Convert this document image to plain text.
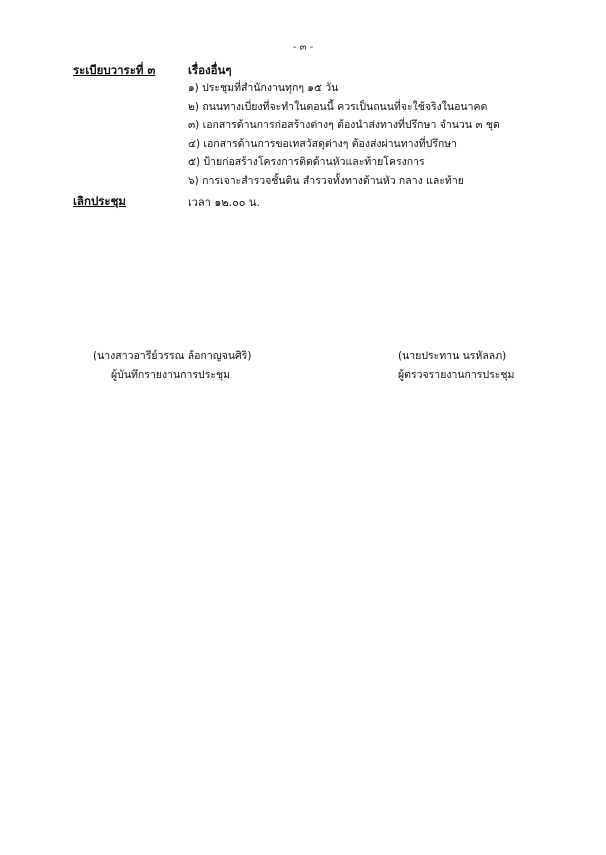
- ๓ -
ระเบียบวาระที่ ๓	เรื่องอื่นๆ
๑) ประชุมที่สำนักงานทุกๆ ๑๕ วัน
๒) ถนนทางเบี่ยงที่จะทำในตอนนี้ ควรเป็นถนนที่จะใช้จริงในอนาคต
๓) เอกสารด้านการก่อสร้างต่างๆ ต้องนำส่งทางที่ปรึกษา จำนวน ๓ ชุด
๔) เอกสารด้านการขอเทสวัสดุต่างๆ ต้องส่งผ่านทางที่ปรึกษา
๕) ป้ายก่อสร้างโครงการติดด้านหัวและท้ายโครงการ
๖) การเจาะสำรวจชั้นดิน สำรวจทั้งทางด้านหัว กลาง และท้าย
เลิกประชุม	เวลา ๑๒.๐๐ น.
(นางสาวอารีย์วรรณ ล้อกาญจนศิริ)
ผู้บันทึกรายงานการประชุม
(นายประทาน นรหัลลภ)
ผู้ตรวจรายงานการประชุม
